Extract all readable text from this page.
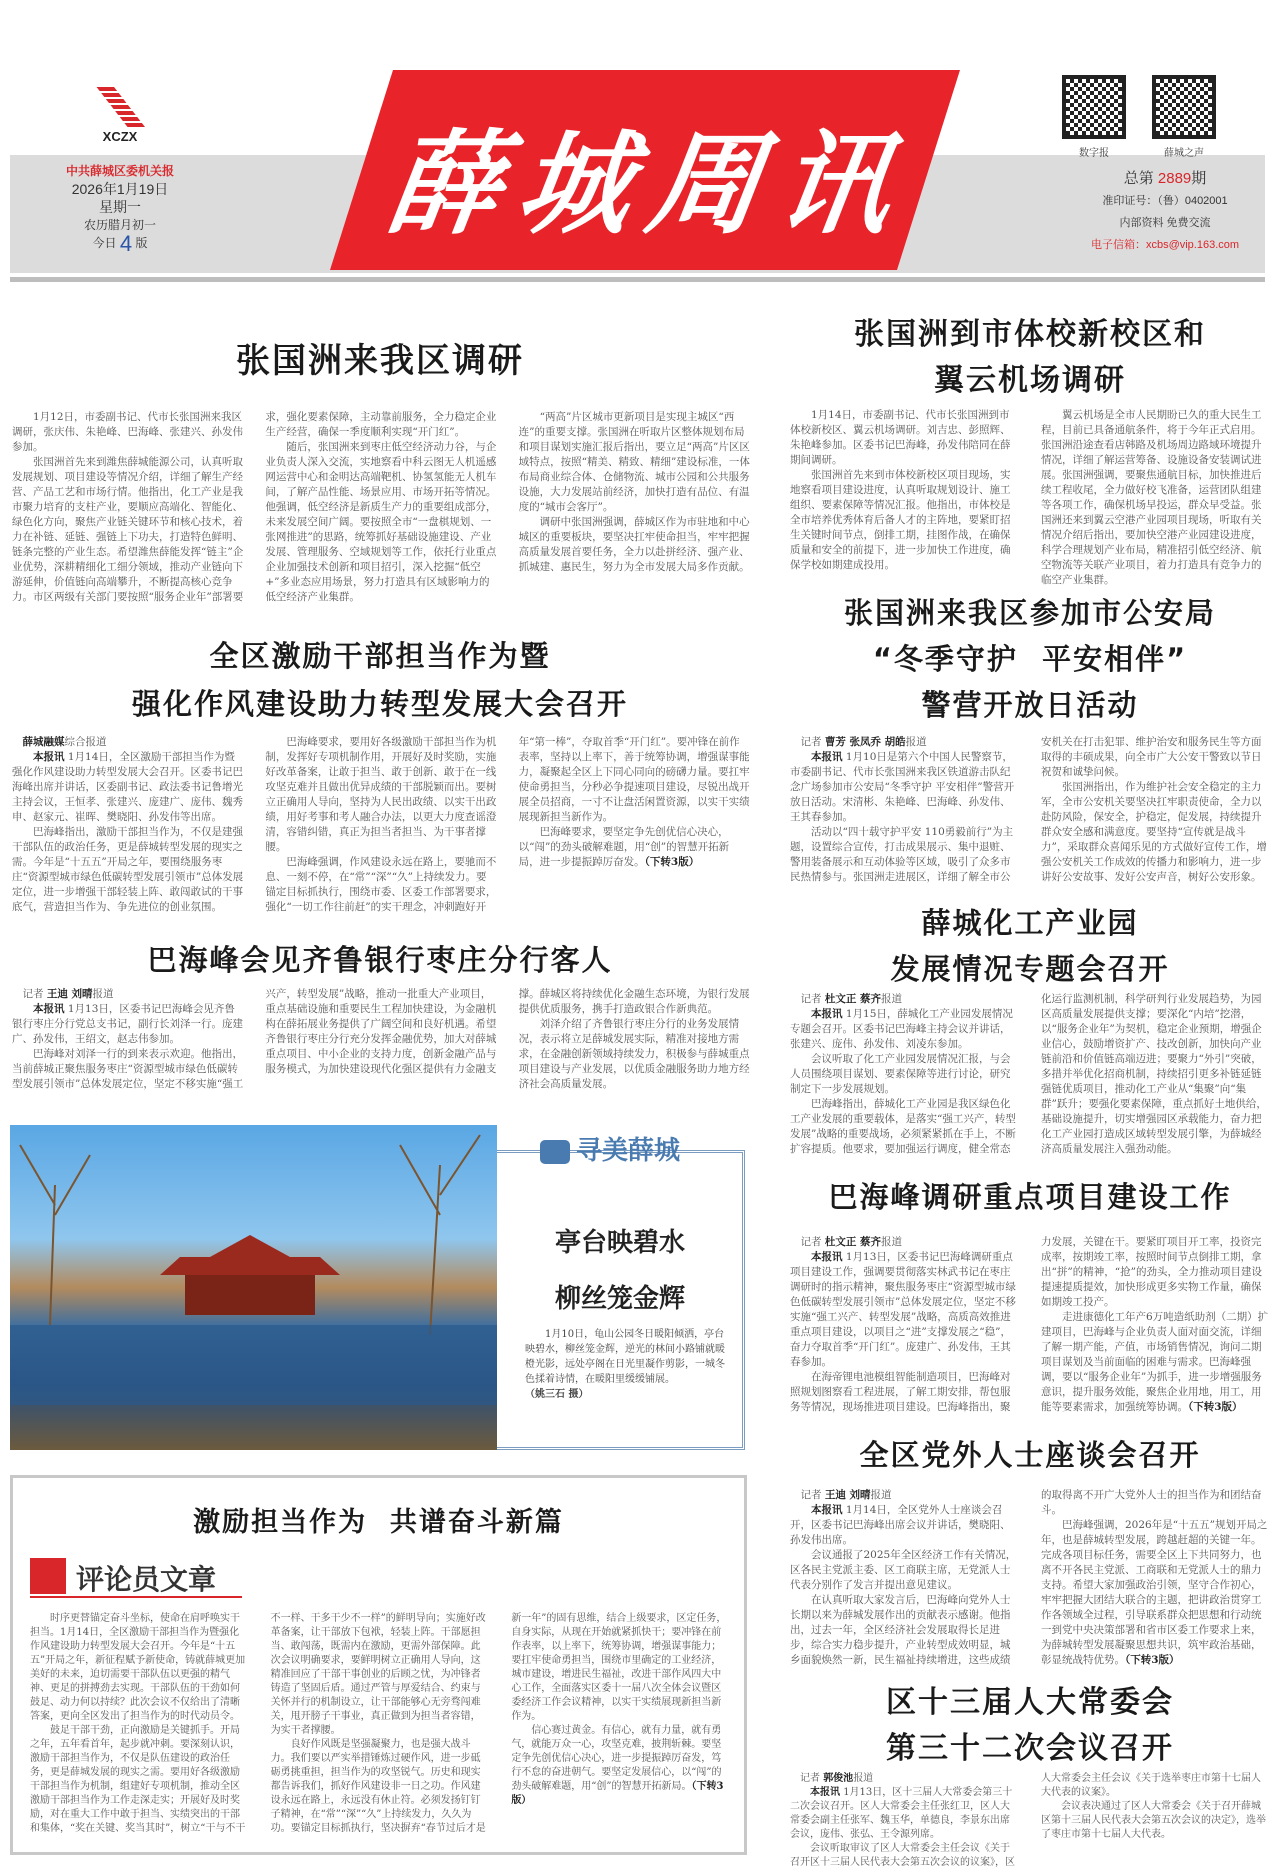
XCZX
中共薛城区委机关报
2026年1月19日
星期一
农历腊月初一
今日 4 版	薛城周讯	数字报	薛城之声
总第 2889期
准印证号：（鲁）0402001
内部资料 免费交流
电子信箱：xcbs@vip.163.com
张国洲来我区调研

1月12日，市委副书记、代市长张国洲来我区调研，张庆伟、朱艳峰、巴海峰、张建兴、孙发伟参加。

张国洲首先来到潍焦薛城能源公司，认真听取发展规划、项目建设等情况介绍，详细了解生产经营、产品工艺和市场行情。他指出，化工产业是我市聚力培育的支柱产业，要顺应高端化、智能化、绿色化方向，聚焦产业链关键环节和核心技术，着力在补链、延链、强链上下功夫，打造特色鲜明、链条完整的产业生态。希望潍焦薛能发挥“链主”企业优势，深耕精细化工细分领域，推动产业链向下游延伸，价值链向高端攀升，不断提高核心竞争力。市区两级有关部门要按照“服务企业年”部署要求，强化要素保障，主动靠前服务，全力稳定企业生产经营，确保一季度顺利实现“开门红”。

随后，张国洲来到枣庄低空经济动力谷，与企业负责人深入交流，实地察看中科云图无人机遥感网运营中心和金明达高端靶机、协氢氢能无人机车间，了解产品性能、场景应用、市场开拓等情况。他强调，低空经济是新质生产力的重要组成部分，未来发展空间广阔。要按照全市“一盘棋规划、一张网推进”的思路，统筹抓好基础设施建设、产业发展、管理服务、空域规划等工作，依托行业重点企业加强技术创新和项目招引，深入挖掘“低空+”多业态应用场景，努力打造具有区域影响力的低空经济产业集群。

“两高”片区城市更新项目是实现主城区“西连”的重要支撑。张国洲在听取片区整体规划布局和项目谋划实施汇报后指出，要立足“两高”片区区域特点，按照“精美、精致、精细”建设标准，一体布局商业综合体、仓储物流、城市公园和公共服务设施，大力发展站前经济，加快打造有品位、有温度的“城市会客厅”。

调研中张国洲强调，薛城区作为市驻地和中心城区的重要板块，要坚决扛牢使命担当，牢牢把握高质量发展首要任务，全力以赴拼经济、强产业、抓城建、惠民生，努力为全市发展大局多作贡献。

张国洲到市体校新校区和
翼云机场调研

1月14日，市委副书记、代市长张国洲到市体校新校区、翼云机场调研。刘吉忠、彭照辉、朱艳峰参加。区委书记巴海峰，孙发伟陪同在薛期间调研。

张国洲首先来到市体校新校区项目现场，实地察看项目建设进度，认真听取规划设计、施工组织、要素保障等情况汇报。他指出，市体校是全市培养优秀体育后备人才的主阵地，要紧盯招生关键时间节点，倒排工期，挂图作战，在确保质量和安全的前提下，进一步加快工作进度，确保学校如期建成投用。

翼云机场是全市人民期盼已久的重大民生工程，目前已具备通航条件，将于今年正式启用。张国洲沿途查看店韩路及机场周边路域环境提升情况，详细了解运营筹备、设施设备安装调试进展。张国洲强调，要聚焦通航目标，加快推进后续工程收尾，全力做好校飞准备，运营团队组建等各项工作，确保机场早投运，群众早受益。张国洲还来到翼云空港产业园项目现场，听取有关情况介绍后指出，要加快空港产业园建设进度，科学合理规划产业布局，精准招引低空经济、航空物流等关联产业项目，着力打造具有竞争力的临空产业集群。

全区激励干部担当作为暨
强化作风建设助力转型发展大会召开

薛城融媒综合报道

本报讯 1月14日，全区激励干部担当作为暨强化作风建设助力转型发展大会召开。区委书记巴海峰出席并讲话，区委副书记、政法委书记鲁增光主持会议，王恒孝、张建兴、庞建广、庞伟、魏秀申、赵家元、崔晖、樊晓阳、孙发伟等出席。

巴海峰指出，激励干部担当作为，不仅是建强干部队伍的政治任务，更是薛城转型发展的现实之需。今年是“十五五”开局之年，要围绕服务枣庄“资源型城市绿色低碳转型发展引领市”总体发展定位，进一步增强干部轻装上阵、敢闯敢试的干事底气，营造担当作为、争先进位的创业氛围。

巴海峰要求，要用好各级激励干部担当作为机制，发挥好专项机制作用，开展好及时奖励，实施好改革备案，让敢于担当、敢于创新、敢于在一线攻坚克难并且做出优异成绩的干部脱颖而出。要树立正确用人导向，坚持为人民出政绩、以实干出政绩，用好考事和考人融合办法，以更大力度查谣澄清，容错纠错，真正为担当者担当、为干事者撑腰。

巴海峰强调，作风建设永远在路上，要驰而不息、一刻不停，在“常”“深”“久”上持续发力。要锚定目标抓执行，围绕市委、区委工作部署要求，强化“一切工作往前赶”的实干理念，冲刺跑好开年“第一棒”，夺取首季“开门红”。要冲锋在前作表率，坚持以上率下，善于统筹协调，增强谋事能力，凝聚起全区上下同心同向的磅礴力量。要扛牢使命勇担当，分秒必争提速项目建设，尽锐出战开展全员招商，一寸不让盘活闲置资源，以实干实绩展现新担当新作为。

巴海峰要求，要坚定争先创优信心决心，以“闯”的劲头破解难题，用“创”的智慧开拓新局，进一步提振踔厉奋发。（下转3版）

张国洲来我区参加市公安局
“冬季守护  平安相伴”
警营开放日活动

记者 曹芳 张凤乔 胡皓报道

本报讯 1月10日是第六个中国人民警察节，市委副书记、代市长张国洲来我区铁道游击队纪念广场参加市公安局“冬季守护 平安相伴”警营开放日活动。宋清彬、朱艳峰、巴海峰、孙发伟、王其春参加。

活动以“四十载守护平安 110勇毅前行”为主题，设置综合宣传，打击成果展示、集中退赃、警用装备展示和互动体验等区域，吸引了众多市民热情参与。张国洲走进展区，详细了解全市公安机关在打击犯罪、维护治安和服务民生等方面取得的丰硕成果，向全市广大公安干警致以节日祝贺和诚挚问候。

张国洲指出，作为维护社会安全稳定的主力军，全市公安机关要坚决扛牢职责使命，全力以赴防风险，保安全，护稳定，促发展，持续提升群众安全感和满意度。要坚持“宣传就是战斗力”，采取群众喜闻乐见的方式做好宣传工作，增强公安机关工作成效的传播力和影响力，进一步讲好公安故事、发好公安声音，树好公安形象。

巴海峰会见齐鲁银行枣庄分行客人

记者 王迪 刘晴报道

本报讯 1月13日，区委书记巴海峰会见齐鲁银行枣庄分行党总支书记，副行长刘泽一行。庞建广、孙发伟，王绍文，赵志伟参加。

巴海峰对刘泽一行的到来表示欢迎。他指出，当前薛城正聚焦服务枣庄“资源型城市绿色低碳转型发展引领市”总体发展定位，坚定不移实施“强工兴产，转型发展”战略，推动一批重大产业项目，重点基础设施和重要民生工程加快建设，为金融机构在薛拓展业务提供了广阔空间和良好机遇。希望齐鲁银行枣庄分行充分发挥金融优势，加大对薛城重点项目、中小企业的支持力度，创新金融产品与服务模式，为加快建设现代化强区提供有力金融支撑。薛城区将持续优化金融生态环境，为银行发展提供优质服务，携手打造政银合作新典范。

刘泽介绍了齐鲁银行枣庄分行的业务发展情况，表示将立足薛城发展实际，精准对接地方需求，在金融创新领域持续发力，积极参与薛城重点项目建设与产业发展，以优质金融服务助力地方经济社会高质量发展。

薛城化工产业园
发展情况专题会召开

记者 杜文正 蔡齐报道

本报讯 1月15日，薛城化工产业园发展情况专题会召开。区委书记巴海峰主持会议并讲话，张建兴、庞伟、孙发伟、刘凌东参加。

会议听取了化工产业园发展情况汇报，与会人员围绕项目谋划、要素保障等进行讨论，研究制定下一步发展规划。

巴海峰指出，薛城化工产业园是我区绿色化工产业发展的重要载体，是落实“强工兴产，转型发展”战略的重要战场，必须紧紧抓在手上，不断扩容提质。他要求，要加强运行调度，健全常态化运行监测机制，科学研判行业发展趋势，为园区高质量发展提供支撑；要深化“内培”挖潜，以“服务企业年”为契机，稳定企业预期，增强企业信心，鼓励增资扩产、技改创新，加快向产业链前沿和价值链高端迈进；要聚力“外引”突破，多措并举优化招商机制，持续招引更多补链延链强链优质项目，推动化工产业从“集聚”向“集群”跃升；要强化要素保障，重点抓好土地供给，基础设施提升，切实增强园区承载能力，奋力把化工产业园打造成区域转型发展引擎，为薛城经济高质量发展注入强劲动能。

寻美薛城
亭台映碧水
柳丝笼金辉
1月10日，龟山公园冬日暖阳倾洒，亭台映碧水，柳丝笼金辉，逆光的林间小路铺就暖橙光影，远处亭阁在日光里凝作剪影，一城冬色揉着诗情，在暖阳里缓缓铺展。（姚三石 摄）
巴海峰调研重点项目建设工作

记者 杜文正 蔡齐报道

本报讯 1月13日，区委书记巴海峰调研重点项目建设工作，强调要贯彻落实林武书记在枣庄调研时的指示精神，聚焦服务枣庄“资源型城市绿色低碳转型发展引领市”总体发展定位，坚定不移实施“强工兴产、转型发展”战略，高质高效推进重点项目建设，以项目之“进”支撑发展之“稳”，奋力夺取首季“开门红”。庞建广、孙发伟，王其春参加。

在海帝锂电池模组智能制造项目，巴海峰对照规划图察看工程进展，了解工期安排，帮包服务等情况，现场推进项目建设。巴海峰指出，聚力发展，关键在干。要紧盯项目开工率，投资完成率，按期竣工率，按照时间节点倒排工期，拿出“拼”的精神，“抢”的劲头，全力推动项目建设提速提质提效，加快形成更多实物工作量，确保如期竣工投产。

走进康德化工年产6万吨造纸助剂（二期）扩建项目，巴海峰与企业负责人面对面交流，详细了解一期产能，产值，市场销售情况，询问二期项目谋划及当前面临的困难与需求。巴海峰强调，要以“服务企业年”为抓手，进一步增强服务意识，提升服务效能，聚焦企业用地，用工，用能等要素需求，加强统筹协调。（下转3版）

激励担当作为  共谱奋斗新篇
评论员文章

时序更替锚定奋斗坐标，使命在肩呼唤实干担当。1月14日，全区激励干部担当作为暨强化作风建设助力转型发展大会召开。今年是“十五五”开局之年，新征程赋予新使命，铸就薛城更加美好的未来，迫切需要干部队伍以更强的精气神、更足的拼搏劲去实现。干部队伍的干劲如何鼓足、动力何以持续？此次会议不仅给出了清晰答案，更向全区发出了担当作为的时代动员令。

鼓足干部干劲，正向激励是关键抓手。开局之年，五年看首年，起步就冲刺。要深刻认识，激励干部担当作为，不仅是队伍建设的政治任务，更是薛城发展的现实之需。要用好各级激励干部担当作为机制，组建好专项机制，推动全区激励干部担当作为工作走深走实；开展好及时奖励，对在重大工作中敢于担当、实绩突出的干部和集体，“奖在关键、奖当其时”，树立“干与不干不一样、干多干少不一样”的鲜明导向；实施好改革备案，让干部放下包袱，轻装上阵。干部愿担当、敢闯荡，既需内在激励，更需外部保障。此次会议明确要求，要鲜明树立正确用人导向，这精准回应了干部干事创业的后顾之忧，为冲锋者铸造了坚固后盾。通过严管与厚爱结合、约束与关怀并行的机制设立，让干部能够心无旁骛闯难关，甩开膀子干事业，真正做到为担当者容错，为实干者撑腰。

良好作风既是坚强凝聚力，也是强大战斗力。我们要以严实举措锤炼过硬作风，进一步砥砺勇挑重担，担当作为的攻坚锐气。历史和现实都告诉我们，抓好作风建设非一日之功。作风建设永远在路上，永远没有休止符。必须发扬钉钉子精神，在“常”“深”“久”上持续发力，久久为功。要锚定目标抓执行，坚决摒弃“春节过后才是新一年”的固有思维，结合上级要求，区定任务，自身实际，从现在开始就紧抓快干；要冲锋在前作表率，以上率下，统筹协调，增强谋事能力；要扛牢使命勇担当，围绕市里确定的工业经济，城市建设，增进民生福祉，改进干部作风四大中心工作，全面落实区委十一届八次全体会议暨区委经济工作会议精神，以实干实绩展现新担当新作为。

信心赛过黄金。有信心，就有力量，就有勇气，就能万众一心，攻坚克难，披荆斩棘。要坚定争先创优信心决心，进一步提振踔厉奋发，笃行不怠的奋进朝气。要坚定发展信心，以“闯”的劲头破解难题，用“创”的智慧开拓新局。（下转3版）

全区党外人士座谈会召开

记者 王迪 刘晴报道

本报讯 1月14日，全区党外人士座谈会召开，区委书记巴海峰出席会议并讲话，樊晓阳、孙发伟出席。

会议通报了2025年全区经济工作有关情况，区各民主党派主委、区工商联主席，无党派人士代表分别作了发言并提出意见建议。

在认真听取大家发言后，巴海峰向党外人士长期以来为薛城发展作出的贡献表示感谢。他指出，过去一年，全区经济社会发展取得长足进步，综合实力稳步提升，产业转型成效明显，城乡面貌焕然一新，民生福祉持续增进，这些成绩的取得离不开广大党外人士的担当作为和团结奋斗。

巴海峰强调，2026年是“十五五”规划开局之年，也是薛城转型发展，跨越赶超的关键一年。完成各项目标任务，需要全区上下共同努力，也离不开各民主党派、工商联和无党派人士的鼎力支持。希望大家加强政治引领，坚守合作初心，牢牢把握大团结大联合的主题，把讲政治贯穿工作各领域全过程，引导联系群众把思想和行动统一到党中央决策部署和省市区委工作要求上来，为薛城转型发展凝聚思想共识，筑牢政治基础，彰显统战特优势。（下转3版）

区十三届人大常委会
第三十二次会议召开

记者 郭俊池报道

本报讯 1月13日，区十三届人大常委会第三十二次会议召开。区人大常委会主任张红卫，区人大常委会副主任张军、魏玉华，单德良，李景东出席会议，庞伟、张弘、王令源列席。

会议听取审议了区人大常委会主任会议《关于召开区十三届人民代表大会第五次会议的议案》，区人大常委会主任会议《关于选举枣庄市第十七届人大代表的议案》。

会议表决通过了区人大常委会《关于召开薛城区第十三届人民代表大会第五次会议的决定》，选举了枣庄市第十七届人大代表。
